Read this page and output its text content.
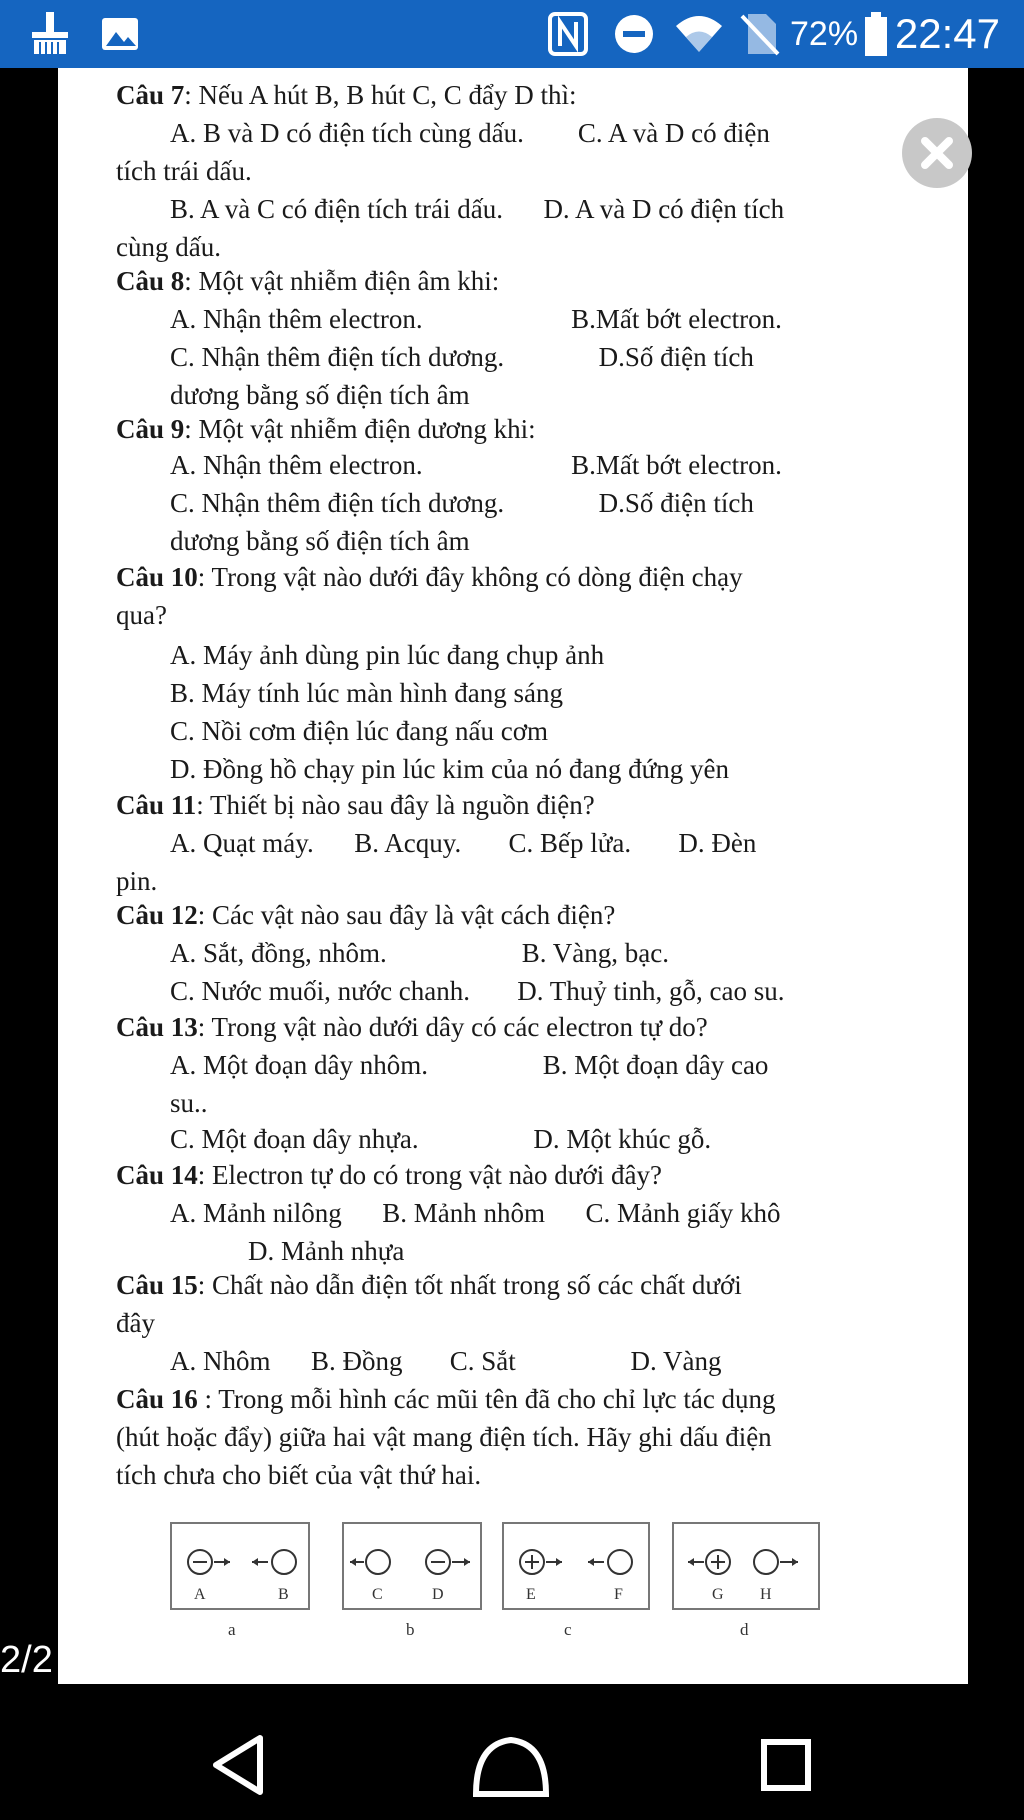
72% 22:47
Câu 7: Nếu A hút B, B hút C, C đẩy D thì:
A. B và D có điện tích cùng dấu.        C. A và D có điện
tích trái dấu.
B. A và C có điện tích trái dấu.      D. A và D có điện tích
cùng dấu.
Câu 8: Một vật nhiễm điện âm khi:
A. Nhận thêm electron.                      B.Mất bớt electron.
C. Nhận thêm điện tích dương.              D.Số điện tích
dương bằng số điện tích âm
Câu 9: Một vật nhiễm điện dương khi:
A. Nhận thêm electron.                      B.Mất bớt electron.
C. Nhận thêm điện tích dương.              D.Số điện tích
dương bằng số điện tích âm
Câu 10: Trong vật nào dưới đây không có dòng điện chạy
qua?
A. Máy ảnh dùng pin lúc đang chụp ảnh
B. Máy tính lúc màn hình đang sáng
C. Nồi cơm điện lúc đang nấu cơm
D. Đồng hồ chạy pin lúc kim của nó đang đứng yên
Câu 11: Thiết bị nào sau đây là nguồn điện?
A. Quạt máy.      B. Acquy.       C. Bếp lửa.       D. Đèn
pin.
Câu 12: Các vật nào sau đây là vật cách điện?
A. Sắt, đồng, nhôm.                    B. Vàng, bạc.
C. Nước muối, nước chanh.       D. Thuỷ tinh, gỗ, cao su.
Câu 13: Trong vật nào dưới dây có các electron tự do?
A. Một đoạn dây nhôm.                 B. Một đoạn dây cao
su..
C. Một đoạn dây nhựa.                 D. Một khúc gỗ.
Câu 14: Electron tự do có trong vật nào dưới đây?
A. Mảnh nilông      B. Mảnh nhôm      C. Mảnh giấy khô
D. Mảnh nhựa
Câu 15: Chất nào dẫn điện tốt nhất trong số các chất dưới
đây
A. Nhôm      B. Đồng       C. Sắt                 D. Vàng
Câu 16 : Trong mỗi hình các mũi tên đã cho chỉ lực tác dụng
(hút hoặc đẩy) giữa hai vật mang điện tích. Hãy ghi dấu điện
tích chưa cho biết của vật thứ hai.
A	B
a
C	D
b
E	F
c
G H
d
2/2
